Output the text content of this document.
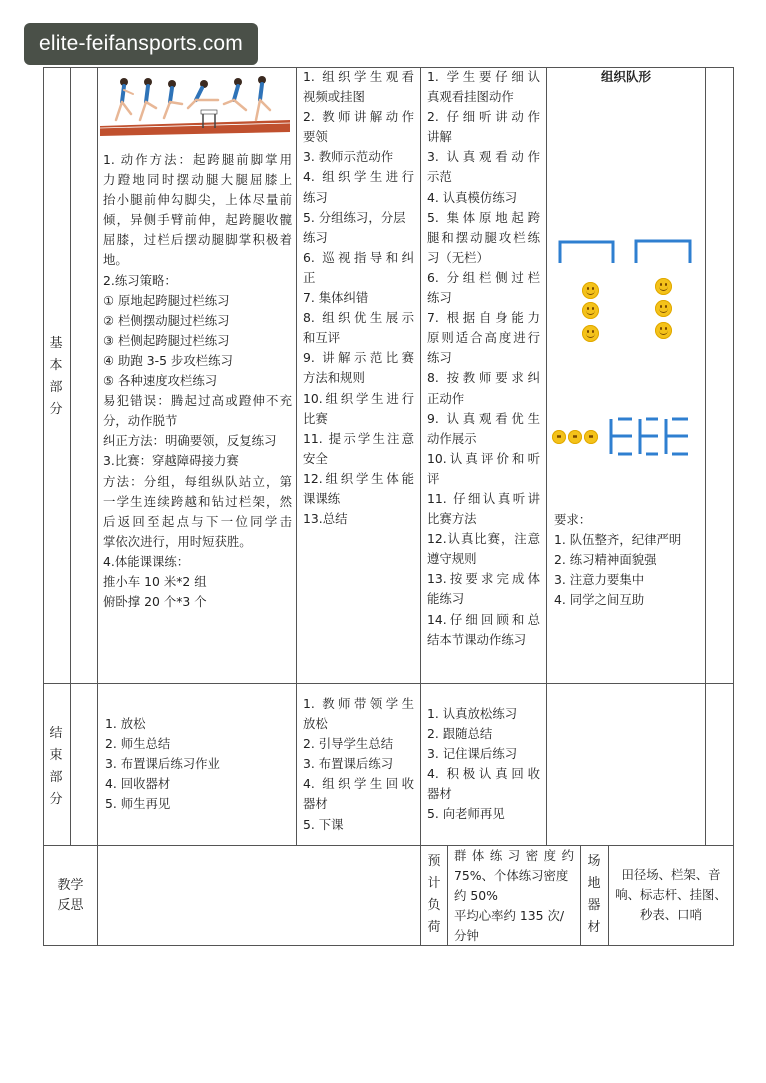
elite-feifansports.com
基 本 部 分
结 束 部 分
教学
反思
1. 动作方法：起跨腿前脚掌用
力蹬地同时摆动腿大腿屈膝上
抬小腿前伸勾脚尖，上体尽量前
倾，异侧手臂前伸，起跨腿收髋
屈膝，过栏后摆动腿脚掌积极着
地。
2.练习策略：
① 原地起跨腿过栏练习
② 栏侧摆动腿过栏练习
③ 栏侧起跨腿过栏练习
④ 助跑 3-5 步攻栏练习
⑤ 各种速度攻栏练习
易犯错误：腾起过高或蹬伸不充
分，动作脱节
纠正方法：明确要领，反复练习
3.比赛：穿越障碍接力赛
方法：分组，每组纵队站立，第
一学生连续跨越和钻过栏架，然
后返回至起点与下一位同学击
掌依次进行，用时短获胜。
4.体能课课练：
推小车 10 米*2 组
俯卧撑 20 个*3 个
1. 组织学生观看
视频或挂图
2. 教师讲解动作
要领
3. 教师示范动作
4. 组织学生进行
练习
5. 分组练习，分层
练习
6. 巡视指导和纠
正
7. 集体纠错
8. 组织优生展示
和互评
9. 讲解示范比赛
方法和规则
10.组织学生进行
比赛
11. 提示学生注意
安全
12.组织学生体能
课课练
13.总结
1. 学生要仔细认
真观看挂图动作
2. 仔细听讲动作
讲解
3. 认真观看动作
示范
4. 认真模仿练习
5. 集体原地起跨
腿和摆动腿攻栏练
习（无栏）
6. 分组栏侧过栏
练习
7. 根据自身能力
原则适合高度进行
练习
8. 按教师要求纠
正动作
9. 认真观看优生
动作展示
10.认真评价和听
评
11. 仔细认真听讲
比赛方法
12.认真比赛，注意
遵守规则
13.按要求完成体
能练习
14.仔细回顾和总
结本节课动作练习
组织队形
要求：
1. 队伍整齐，纪律严明
2. 练习精神面貌强
3. 注意力要集中
4. 同学之间互助
1. 放松
2. 师生总结
3. 布置课后练习作业
4. 回收器材
5. 师生再见
1. 教师带领学生
放松
2. 引导学生总结
3. 布置课后练习
4. 组织学生回收
器材
5. 下课
1. 认真放松练习
2. 跟随总结
3. 记住课后练习
4. 积极认真回收
器材
5. 向老师再见
预 计 负 荷
群体练习密度约
75%、个体练习密度
约 50%
平均心率约 135 次/
分钟
场 地 器 材
田径场、栏架、音
响、标志杆、挂图、
秒表、口哨
